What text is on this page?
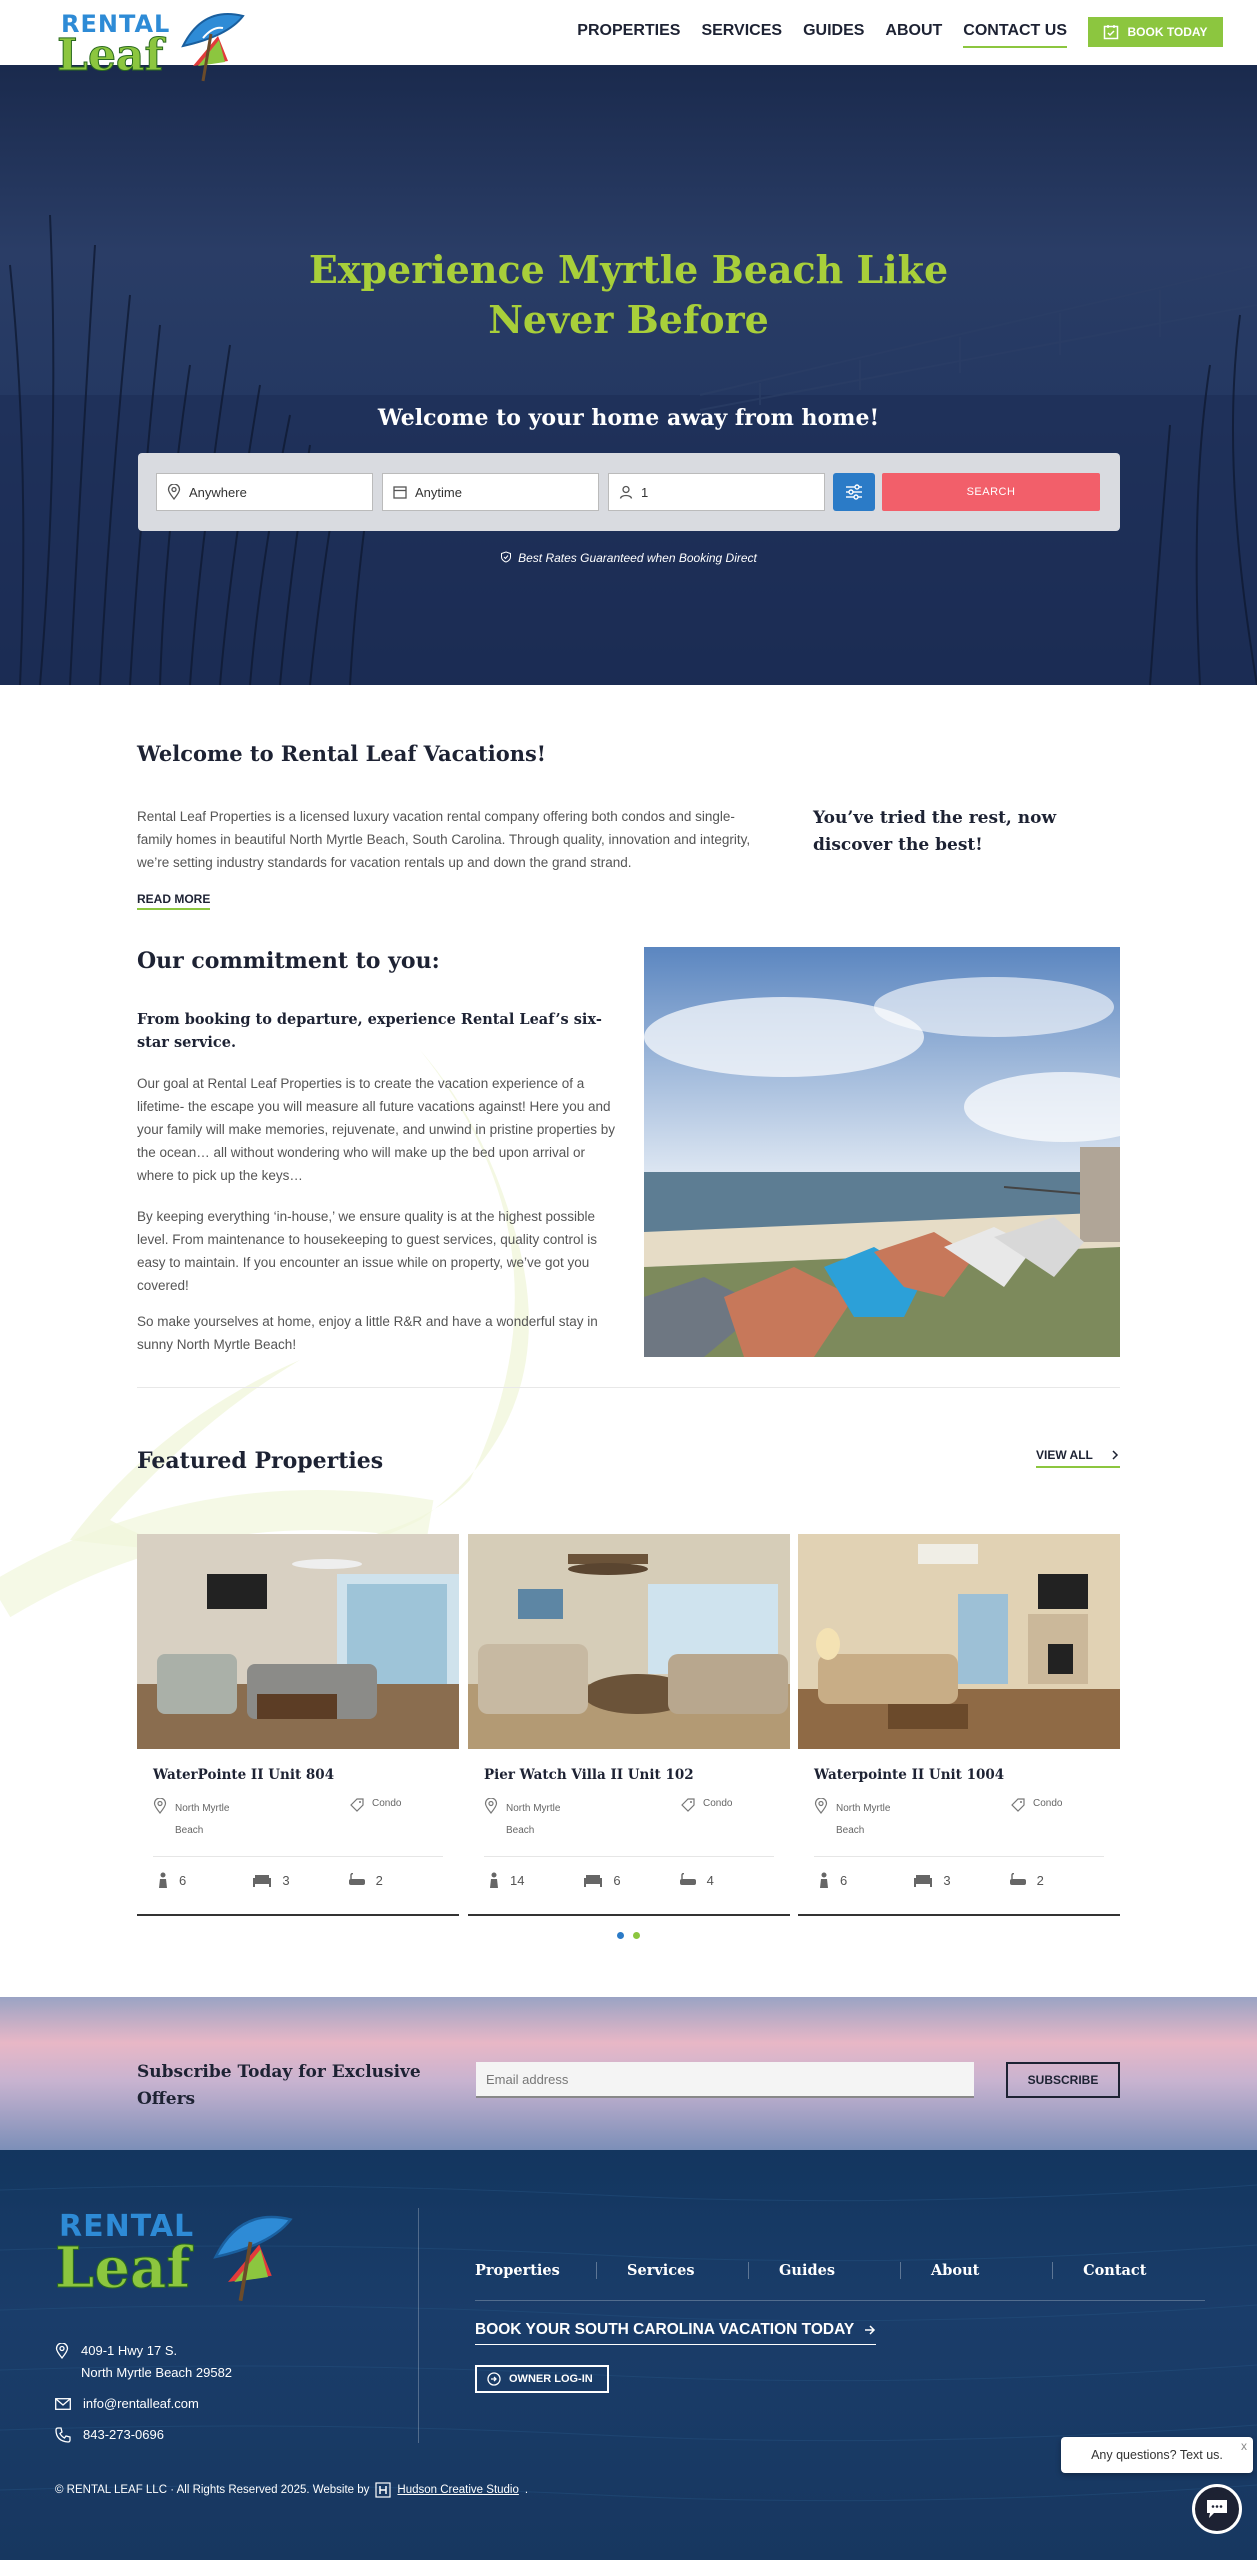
RENTAL
Leaf	PROPERTIES SERVICES GUIDES ABOUT CONTACT US	BOOK TODAY
Experience Myrtle Beach Like
Never Before
Welcome to your home away from home!
Anywhere	Anytime	1	SEARCH
Best Rates Guaranteed when Booking Direct
Welcome to Rental Leaf Vacations!
Rental Leaf Properties is a licensed luxury vacation rental company offering both condos and single-family homes in beautiful North Myrtle Beach, South Carolina. Through quality, innovation and integrity, we’re setting industry standards for vacation rentals up and down the grand strand.
READ MORE
You’ve tried the rest, now discover the best!
Our commitment to you:
From booking to departure, experience Rental Leaf’s six-star service.
Our goal at Rental Leaf Properties is to create the vacation experience of a lifetime- the escape you will measure all future vacations against! Here you and your family will make memories, rejuvenate, and unwind in pristine properties by the ocean… all without wondering who will make up the bed upon arrival or where to pick up the keys…
By keeping everything ‘in-house,’ we ensure quality is at the highest possible level. From maintenance to housekeeping to guest services, quality control is easy to maintain. If you encounter an issue while on property, we’ve got you covered!
So make yourselves at home, enjoy a little R&R and have a wonderful stay in sunny North Myrtle Beach!
Featured Properties	VIEW ALL
WaterPointe II Unit 804
North Myrtle Beach
Condo
6	3	2
Pier Watch Villa II Unit 102
North Myrtle Beach
Condo
14	6	4
Waterpointe II Unit 1004
North Myrtle Beach
Condo
6	3	2
Subscribe Today for Exclusive Offers
Email address	SUBSCRIBE
RENTAL
Leaf
409-1 Hwy 17 S.
North Myrtle Beach 29582
info@rentalleaf.com
843-273-0696
Properties	Services	Guides	About	Contact
BOOK YOUR SOUTH CAROLINA VACATION TODAY
OWNER LOG-IN
© RENTAL LEAF LLC · All Rights Reserved 2025. Website by Hudson Creative Studio .
Any questions? Text us.
x
